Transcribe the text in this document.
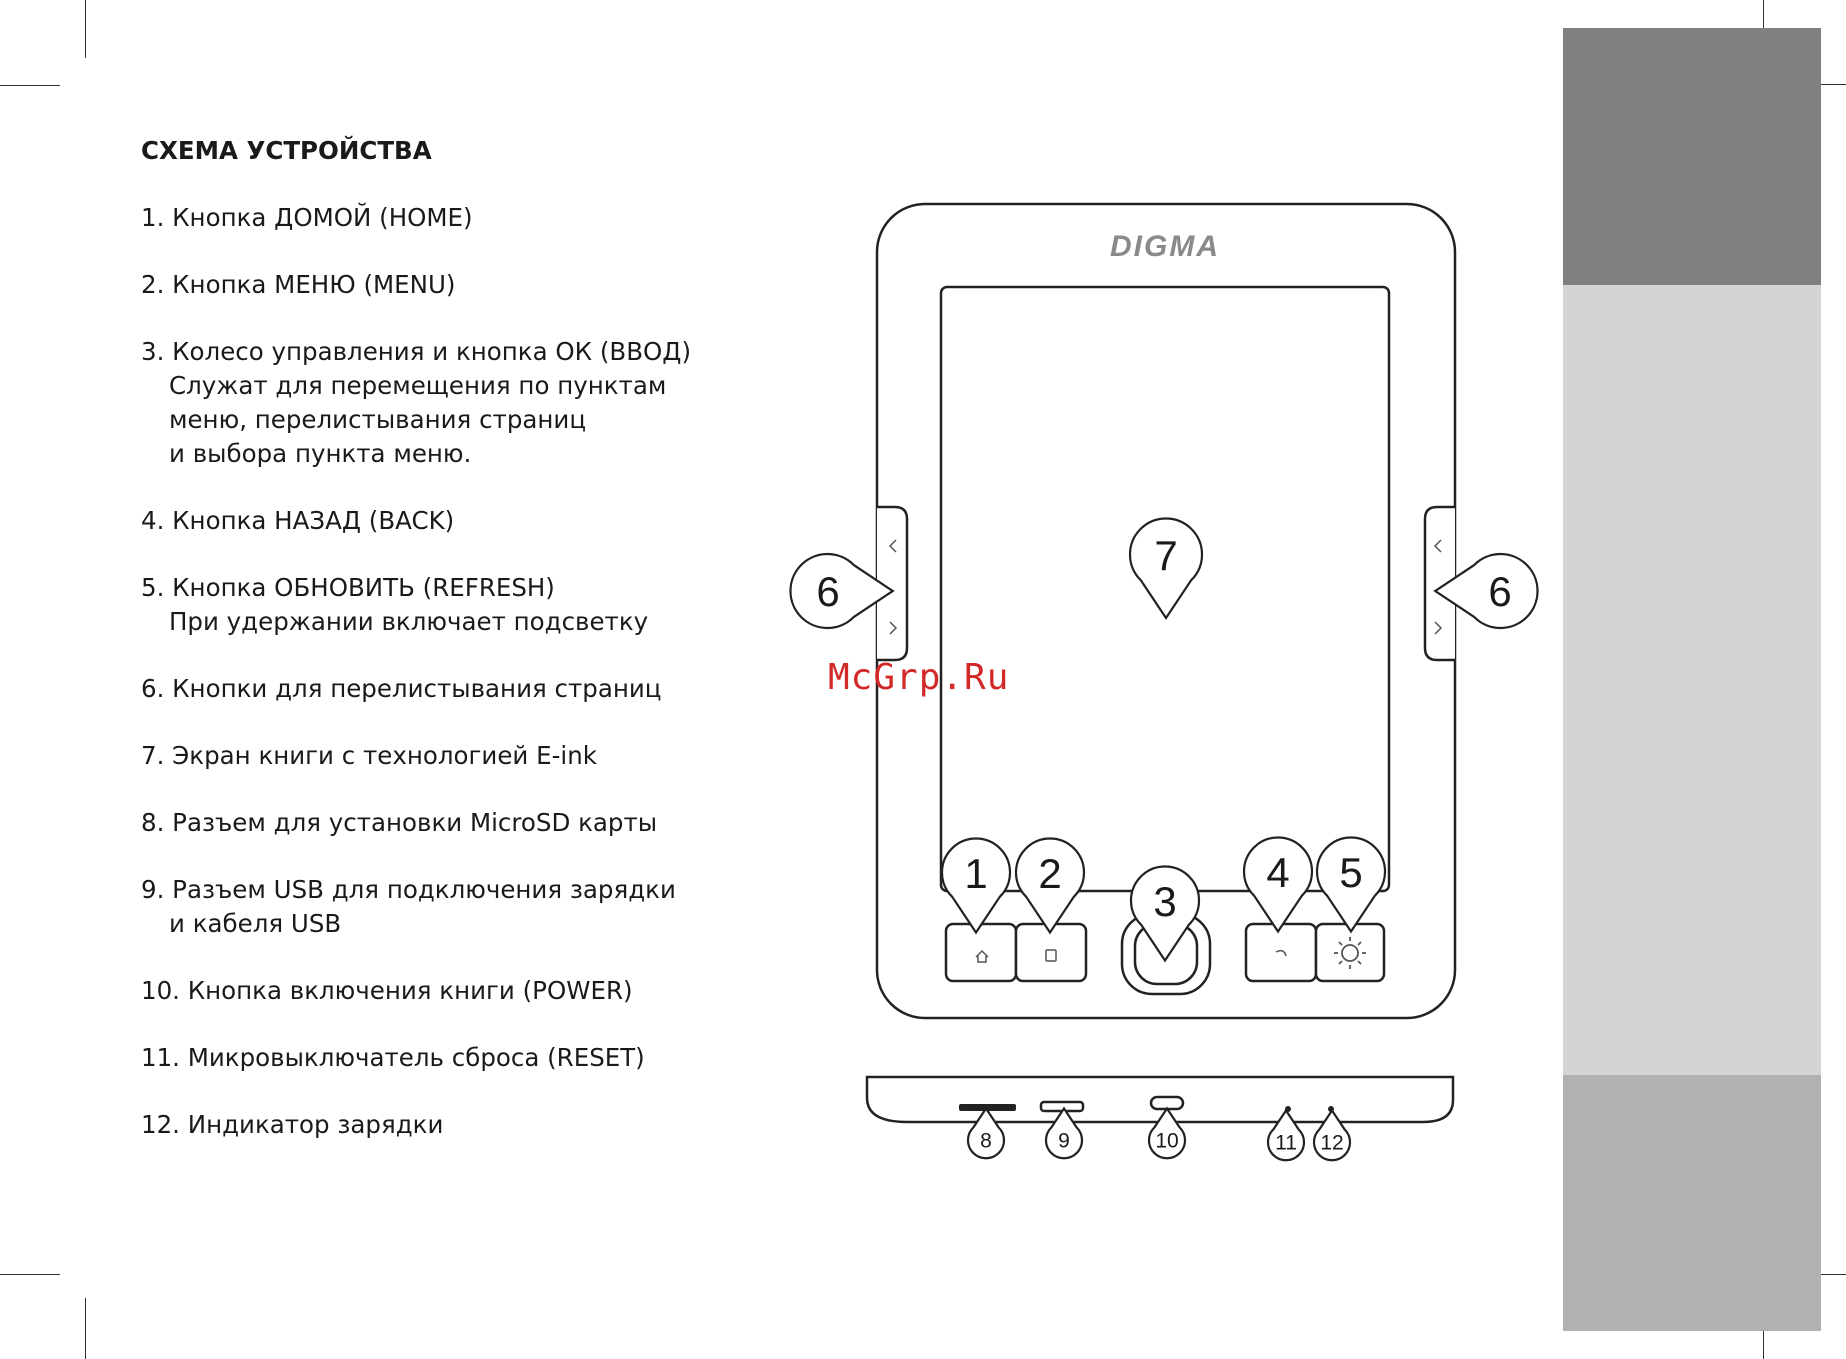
СХЕМА УСТРОЙСТВА
1. Кнопка ДОМОЙ (HOME)
2. Кнопка МЕНЮ (MENU)
3. Колесо управления и кнопка ОК (ВВОД)
Служат для перемещения по пунктам
меню, перелистывания страниц
и выбора пункта меню.
4. Кнопка НАЗАД (BACK)
5. Кнопка ОБНОВИТЬ (REFRESH)
При удержании включает подсветку
6. Кнопки для перелистывания страниц
7. Экран книги с технологией E-ink
8. Разъем для установки MicroSD карты
9. Разъем USB для подключения зарядки
и кабеля USB
10. Кнопка включения книги (POWER)
11. Микровыключатель сброса (RESET)
12. Индикатор зарядки
DIGMA
1 2
3
4 5
7
6	6
8	9	10	11 12
McGrp.Ru
